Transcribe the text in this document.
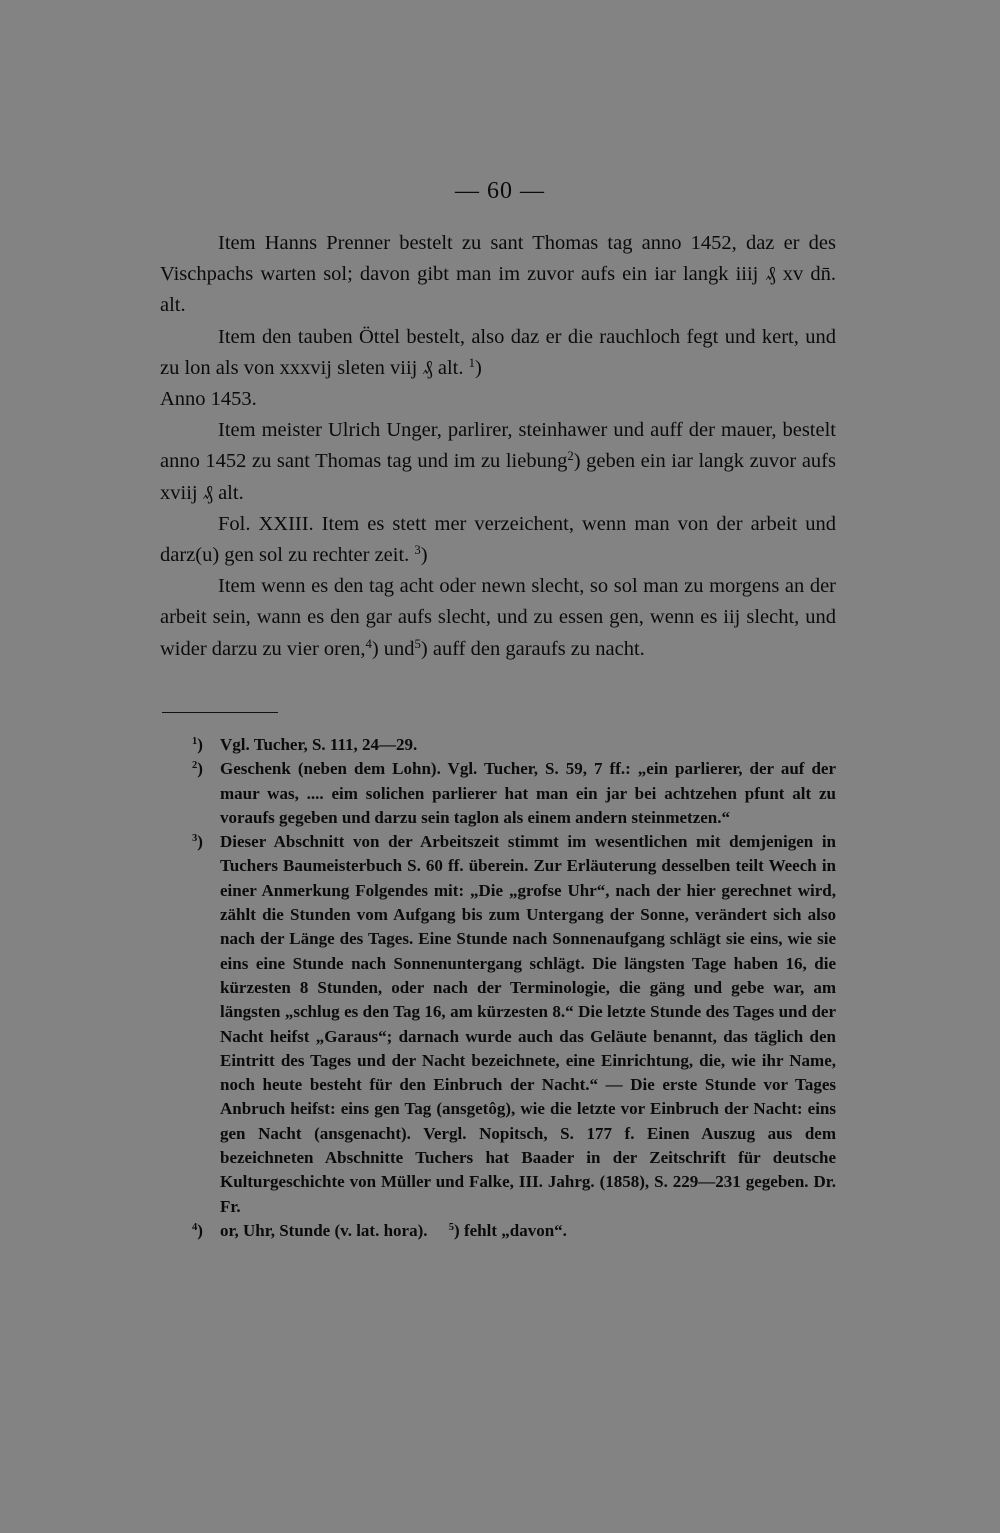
— 60 —

Item Hanns Prenner bestelt zu sant Thomas tag anno 1452, daz er des Vischpachs warten sol; davon gibt man im zuvor aufs ein iar langk iiij ₰ xv dn̄. alt.

Item den tauben Öttel bestelt, also daz er die rauchloch fegt und kert, und zu lon als von xxxvij sleten viij ₰ alt. $^1$)

Anno 1453.

Item meister Ulrich Unger, parlirer, steinhawer und auff der mauer, bestelt anno 1452 zu sant Thomas tag und im zu liebung$^2$) geben ein iar langk zuvor aufs xviij ₰ alt.

Fol. XXIII. Item es stett mer verzeichent, wenn man von der arbeit und darz(u) gen sol zu rechter zeit. $^3$)

Item wenn es den tag acht oder newn slecht, so sol man zu morgens an der arbeit sein, wann es den gar aufs slecht, und zu essen gen, wenn es iij slecht, und wider darzu zu vier oren,$^4$) und$^5$) auff den garaufs zu nacht.

$^1$) Vgl. Tucher, S. 111, 24—29.

$^2$) Geschenk (neben dem Lohn). Vgl. Tucher, S. 59, 7 ff.: „ein parlierer, der auf der maur was, .... eim solichen parlierer hat man ein jar bei achtzehen pfunt alt zu voraufs gegeben und darzu sein taglon als einem andern steinmetzen.“

$^3$) Dieser Abschnitt von der Arbeitszeit stimmt im wesentlichen mit demjenigen in Tuchers Baumeisterbuch S. 60 ff. überein. Zur Erläuterung desselben teilt Weech in einer Anmerkung Folgendes mit: „Die „grofse Uhr“, nach der hier gerechnet wird, zählt die Stunden vom Aufgang bis zum Untergang der Sonne, verändert sich also nach der Länge des Tages. Eine Stunde nach Sonnenaufgang schlägt sie eins, wie sie eins eine Stunde nach Sonnenuntergang schlägt. Die längsten Tage haben 16, die kürzesten 8 Stunden, oder nach der Terminologie, die gäng und gebe war, am längsten „schlug es den Tag 16, am kürzesten 8.“ Die letzte Stunde des Tages und der Nacht heifst „Garaus“; darnach wurde auch das Geläute benannt, das täglich den Eintritt des Tages und der Nacht bezeichnete, eine Einrichtung, die, wie ihr Name, noch heute besteht für den Einbruch der Nacht.“ — Die erste Stunde vor Tages Anbruch heifst: eins gen Tag (ansgetôg), wie die letzte vor Einbruch der Nacht: eins gen Nacht (ansgenacht). Vergl. Nopitsch, S. 177 f. Einen Auszug aus dem bezeichneten Abschnitte Tuchers hat Baader in der Zeitschrift für deutsche Kulturgeschichte von Müller und Falke, III. Jahrg. (1858), S. 229—231 gegeben. Dr. Fr.

$^4$) or, Uhr, Stunde (v. lat. hora). $^5$) fehlt „davon“.
